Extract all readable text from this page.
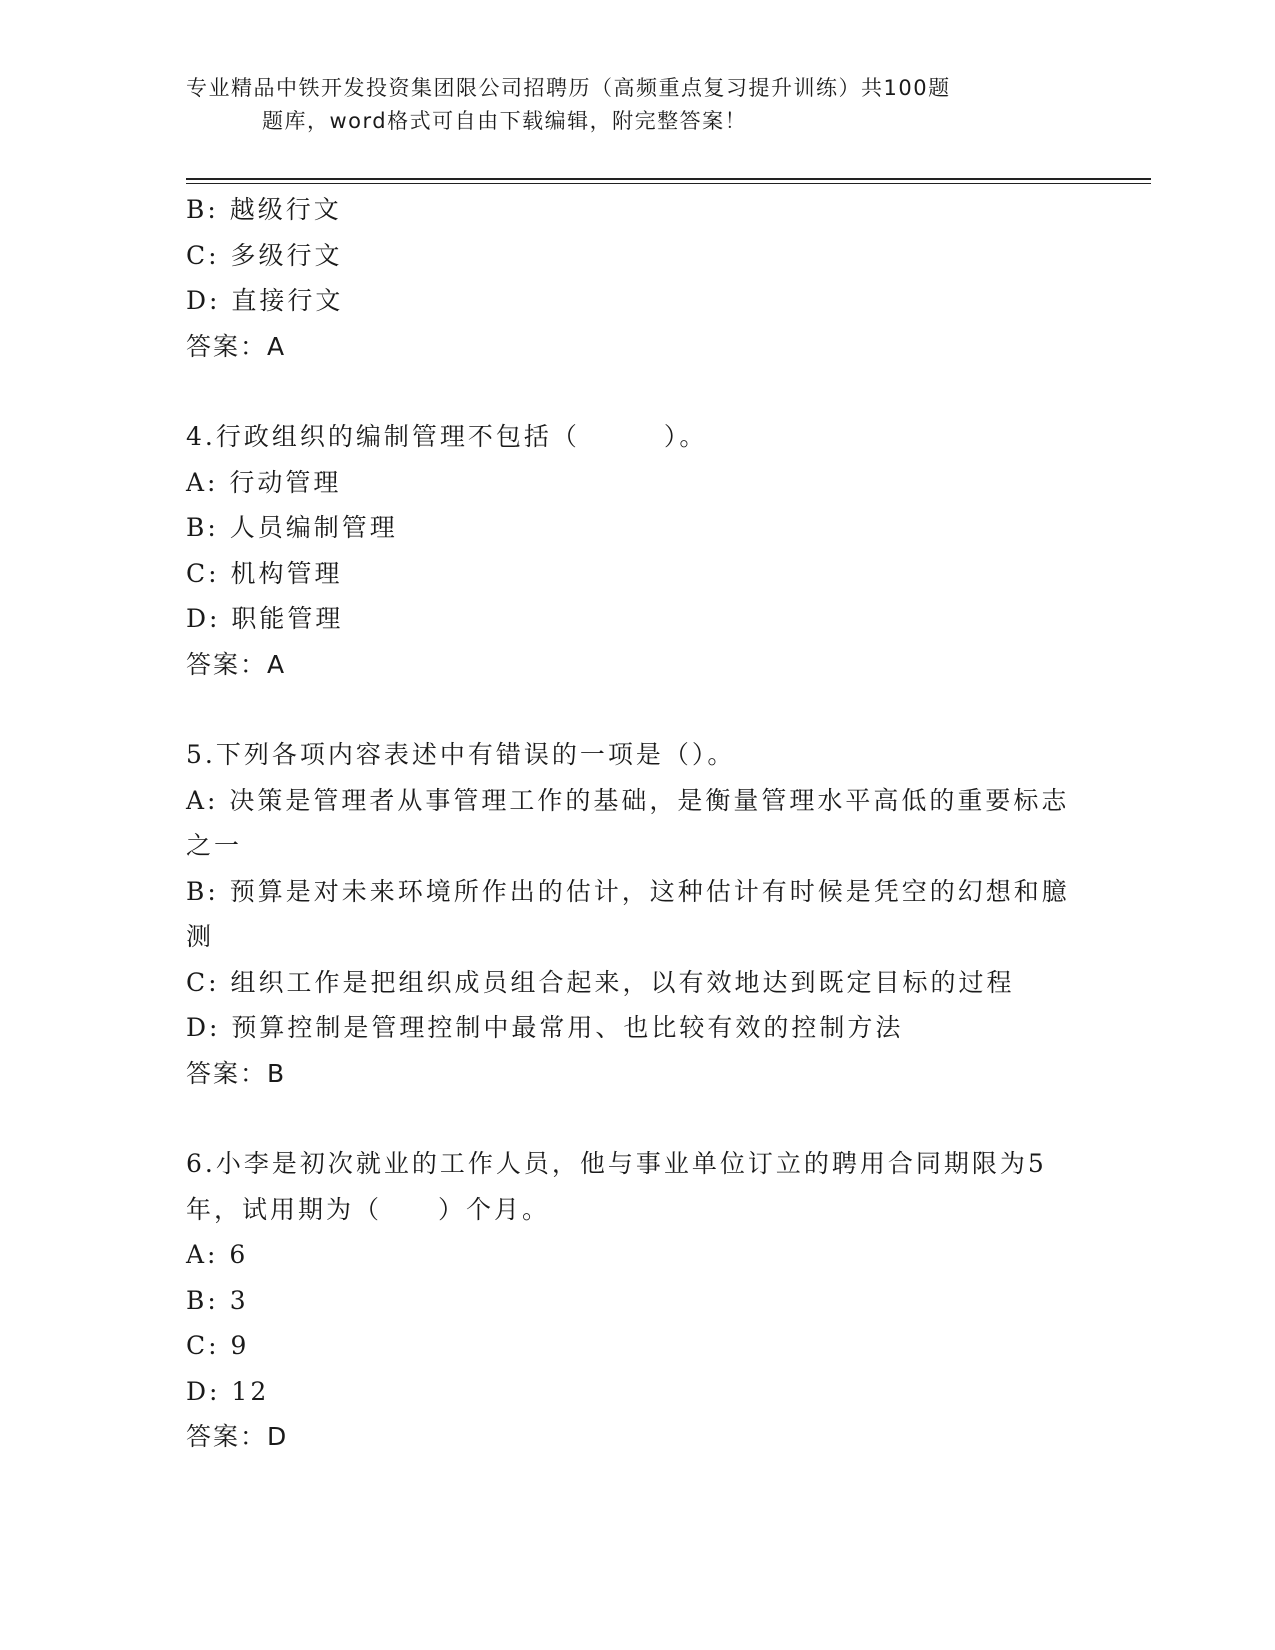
专业精品中铁开发投资集团限公司招聘历（高频重点复习提升训练）共100题
题库，word格式可自由下载编辑，附完整答案！
B: 越级行文
C: 多级行文
D: 直接行文
答案：A
4.行政组织的编制管理不包括（　　　）。
A: 行动管理
B: 人员编制管理
C: 机构管理
D: 职能管理
答案：A
5.下列各项内容表述中有错误的一项是（）。
A: 决策是管理者从事管理工作的基础，是衡量管理水平高低的重要标志之一
B: 预算是对未来环境所作出的估计，这种估计有时候是凭空的幻想和臆测
C: 组织工作是把组织成员组合起来，以有效地达到既定目标的过程
D: 预算控制是管理控制中最常用、也比较有效的控制方法
答案：B
6.小李是初次就业的工作人员，他与事业单位订立的聘用合同期限为5年，试用期为（　　）个月。
A: 6
B: 3
C: 9
D: 12
答案：D
